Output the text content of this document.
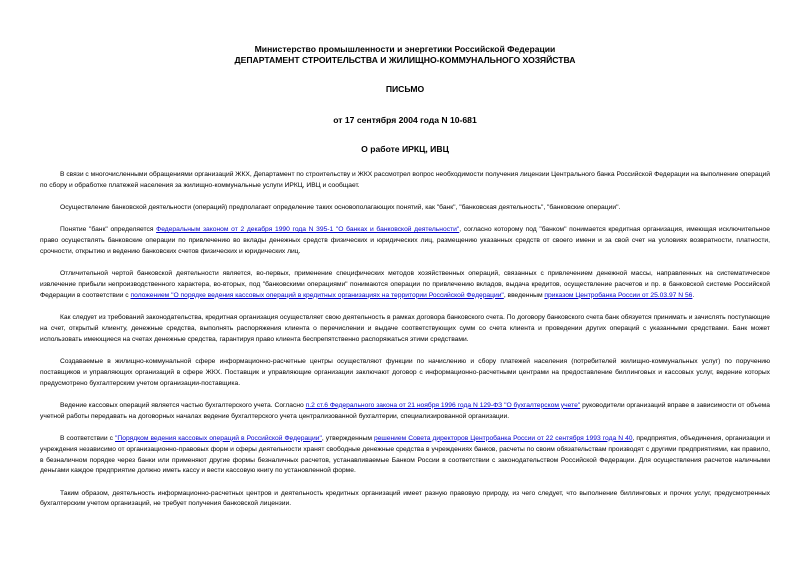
Министерство промышленности и энергетики Российской Федерации

ДЕПАРТАМЕНТ СТРОИТЕЛЬСТВА И ЖИЛИЩНО-КОММУНАЛЬНОГО ХОЗЯЙСТВА

ПИСЬМО

от 17 сентября 2004 года N 10-681

О работе ИРКЦ, ИВЦ

В связи с многочисленными обращениями организаций ЖКХ, Департамент по строительству и ЖКХ рассмотрел вопрос необходимости получения лицензии Центрального банка Российской Федерации на выполнение операций по сбору и обработке платежей населения за жилищно-коммунальные услуги ИРКЦ, ИВЦ и сообщает.

Осуществление банковской деятельности (операций) предполагает определение таких основополагающих понятий, как "банк", "банковская деятельность", "банковские операции".

Понятие "банк" определяется Федеральным законом от 2 декабря 1990 года N 395-1 "О банках и банковской деятельности", согласно которому под "банком" понимается кредитная организация, имеющая исключительное право осуществлять банковские операции по привлечению во вклады денежных средств физических и юридических лиц, размещению указанных средств от своего имени и за свой счет на условиях возвратности, платности, срочности, открытию и ведению банковских счетов физических и юридических лиц.

Отличительной чертой банковской деятельности является, во-первых, применение специфических методов хозяйственных операций, связанных с привлечением денежной массы, направленных на систематическое извлечение прибыли непроизводственного характера, во-вторых, под "банковскими операциями" понимаются операции по привлечению вкладов, выдача кредитов, осуществление расчетов и пр. в банковской системе Российской Федерации в соответствии с положением "О порядке ведения кассовых операций в кредитных организациях на территории Российской Федерации", введенным приказом Центробанка России от 25.03.97 N 56.

Как следует из требований законодательства, кредитная организация осуществляет свою деятельность в рамках договора банковского счета. По договору банковского счета банк обязуется принимать и зачислять поступающие на счет, открытый клиенту, денежные средства, выполнять распоряжения клиента о перечислении и выдаче соответствующих сумм со счета клиента и проведении других операций с указанными средствами. Банк может использовать имеющиеся на счетах денежные средства, гарантируя право клиента беспрепятственно распоряжаться этими средствами.

Создаваемые в жилищно-коммунальной сфере информационно-расчетные центры осуществляют функции по начислению и сбору платежей населения (потребителей жилищно-коммунальных услуг) по поручению поставщиков и управляющих организаций в сфере ЖКХ. Поставщик и управляющие организации заключают договор с информационно-расчетными центрами на предоставление биллинговых и кассовых услуг, ведение которых предусмотрено бухгалтерским учетом организации-поставщика.

Ведение кассовых операций является частью бухгалтерского учета. Согласно п.2 ст.6 Федерального закона от 21 ноября 1996 года N 129-ФЗ "О бухгалтерском учете" руководители организаций вправе в зависимости от объема учетной работы передавать на договорных началах ведение бухгалтерского учета централизованной бухгалтерии, специализированной организации.

В соответствии с "Порядком ведения кассовых операций в Российской Федерации", утвержденным решением Совета директоров Центробанка России от 22 сентября 1993 года N 40, предприятия, объединения, организации и учреждения независимо от организационно-правовых форм и сферы деятельности хранят свободные денежные средства в учреждениях банков, расчеты по своим обязательствам производят с другими предприятиями, как правило, в безналичном порядке через банки или применяют другие формы безналичных расчетов, устанавливаемые Банком России в соответствии с законодательством Российской Федерации. Для осуществления расчетов наличными деньгами каждое предприятие должно иметь кассу и вести кассовую книгу по установленной форме.

Таким образом, деятельность информационно-расчетных центров и деятельность кредитных организаций имеет разную правовую природу, из чего следует, что выполнение биллинговых и прочих услуг, предусмотренных бухгалтерским учетом организаций, не требует получения банковской лицензии.
